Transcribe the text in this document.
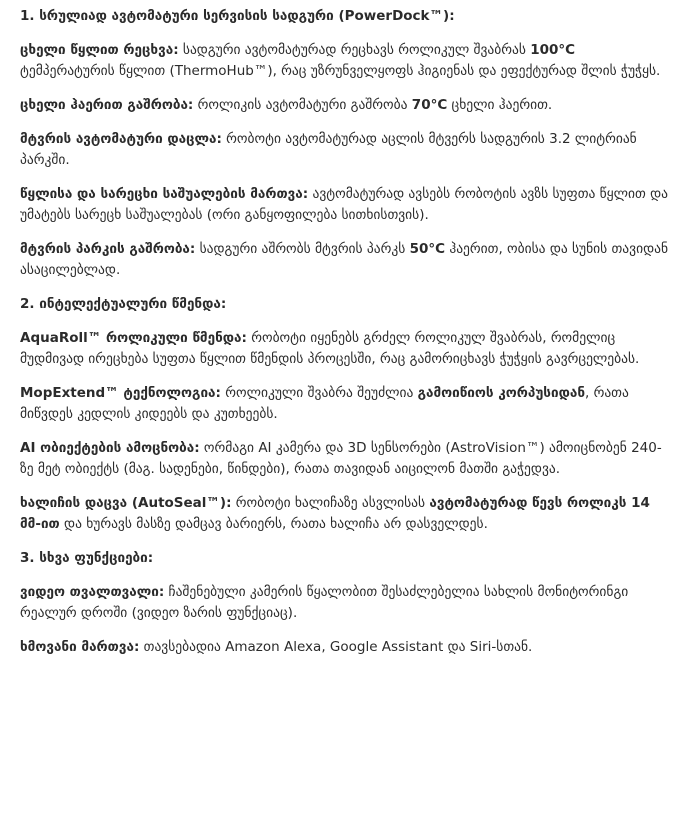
1. სრულიად ავტომატური სერვისის სადგური (PowerDock™):

ცხელი წყლით რეცხვა: სადგური ავტომატურად რეცხავს როლიკულ შვაბრას 100°C ტემპერატურის წყლით (ThermoHub™), რაც უზრუნველყოფს ჰიგიენას და ეფექტურად შლის ჭუჭყს.

ცხელი ჰაერით გაშრობა: როლიკის ავტომატური გაშრობა 70°C ცხელი ჰაერით.

მტვრის ავტომატური დაცლა: რობოტი ავტომატურად აცლის მტვერს სადგურის 3.2 ლიტრიან პარკში.

წყლისა და სარეცხი საშუალების მართვა: ავტომატურად ავსებს რობოტის ავზს სუფთა წყლით და უმატებს სარეცხ საშუალებას (ორი განყოფილება სითხისთვის).

მტვრის პარკის გაშრობა: სადგური აშრობს მტვრის პარკს 50°C ჰაერით, ობისა და სუნის თავიდან ასაცილებლად.

2. ინტელექტუალური წმენდა:

AquaRoll™ როლიკული წმენდა: რობოტი იყენებს გრძელ როლიკულ შვაბრას, რომელიც მუდმივად ირეცხება სუფთა წყლით წმენდის პროცესში, რაც გამორიცხავს ჭუჭყის გავრცელებას.

MopExtend™ ტექნოლოგია: როლიკული შვაბრა შეუძლია გამოიწიოს კორპუსიდან, რათა მიწვდეს კედლის კიდეებს და კუთხეებს.

AI ობიექტების ამოცნობა: ორმაგი AI კამერა და 3D სენსორები (AstroVision™) ამოიცნობენ 240-ზე მეტ ობიექტს (მაგ. სადენები, წინდები), რათა თავიდან აიცილონ მათში გაჭედვა.

ხალიჩის დაცვა (AutoSeal™): რობოტი ხალიჩაზე ასვლისას ავტომატურად წევს როლიკს 14 მმ-ით და ხურავს მასზე დამცავ ბარიერს, რათა ხალიჩა არ დასველდეს.

3. სხვა ფუნქციები:

ვიდეო თვალთვალი: ჩაშენებული კამერის წყალობით შესაძლებელია სახლის მონიტორინგი რეალურ დროში (ვიდეო ზარის ფუნქციაც).

ხმოვანი მართვა: თავსებადია Amazon Alexa, Google Assistant და Siri-სთან.
